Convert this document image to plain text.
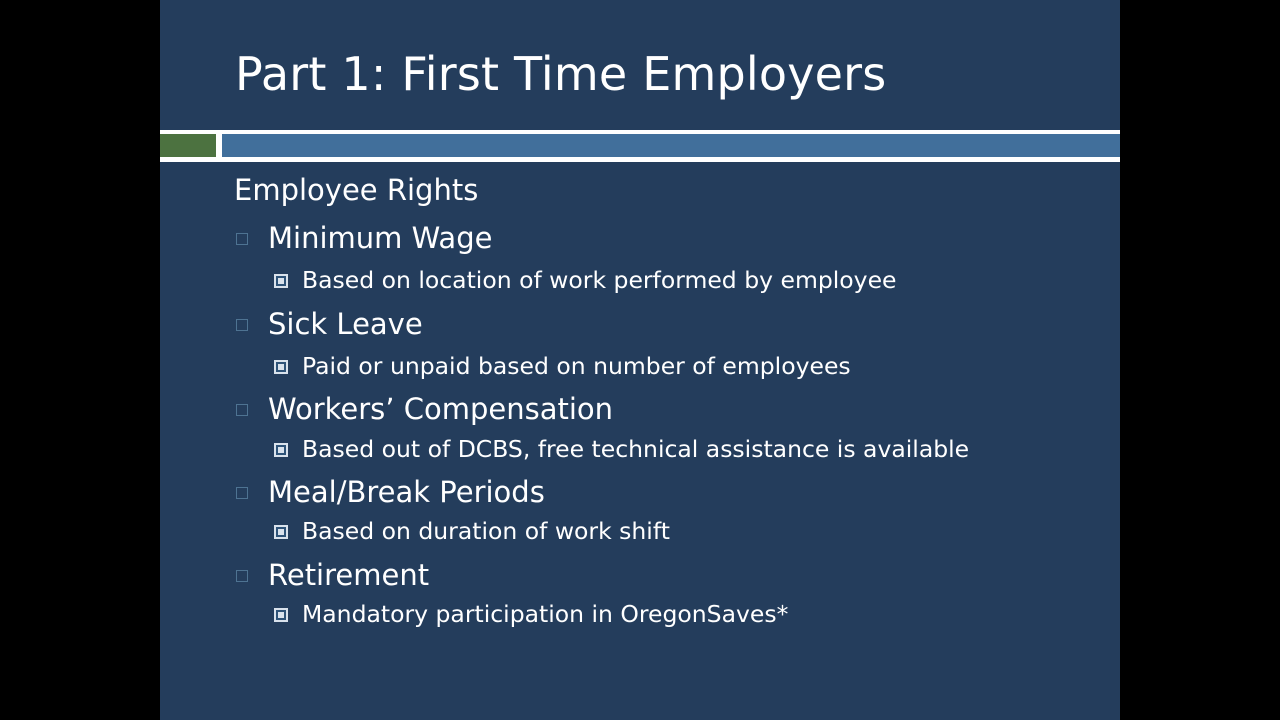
Part 1: First Time Employers
Employee Rights
Minimum Wage
Based on location of work performed by employee
Sick Leave
Paid or unpaid based on number of employees
Workers’ Compensation
Based out of DCBS, free technical assistance is available
Meal/Break Periods
Based on duration of work shift
Retirement
Mandatory participation in OregonSaves*
